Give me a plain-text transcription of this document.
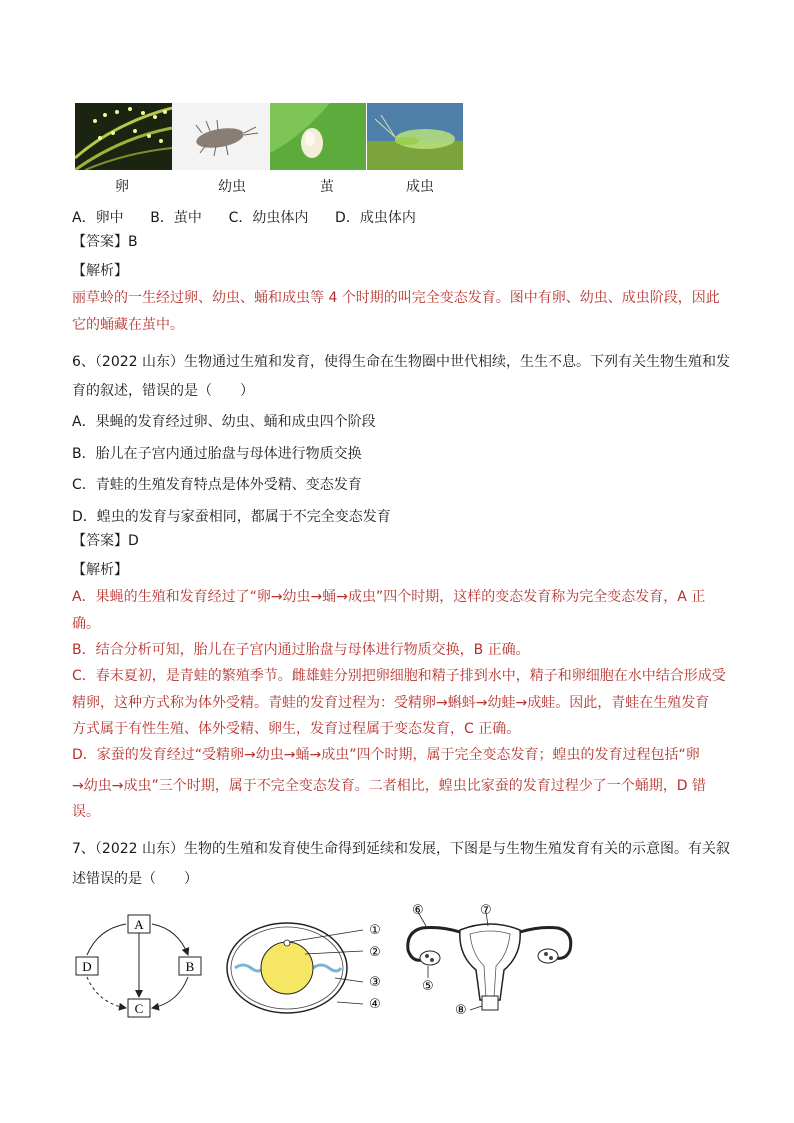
卵	幼虫	茧	成虫
A．卵中      B．茧中      C．幼虫体内      D．成虫体内
【答案】B
【解析】
丽草蛉的一生经过卵、幼虫、蛹和成虫等 4 个时期的叫完全变态发育。图中有卵、幼虫、成虫阶段，因此
它的蛹藏在茧中。
6、（2022 山东）生物通过生殖和发育，使得生命在生物圈中世代相续，生生不息。下列有关生物生殖和发
育的叙述，错误的是（　　）
A．果蝇的发育经过卵、幼虫、蛹和成虫四个阶段
B．胎儿在子宫内通过胎盘与母体进行物质交换
C．青蛙的生殖发育特点是体外受精、变态发育
D．蝗虫的发育与家蚕相同，都属于不完全变态发育
【答案】D
【解析】
A．果蝇的生殖和发育经过了“卵→幼虫→蛹→成虫”四个时期，这样的变态发育称为完全变态发育，A 正
确。
B．结合分析可知，胎儿在子宫内通过胎盘与母体进行物质交换，B 正确。
C．春末夏初，是青蛙的繁殖季节。雌雄蛙分别把卵细胞和精子排到水中，精子和卵细胞在水中结合形成受
精卵，这种方式称为体外受精。青蛙的发育过程为：受精卵→蝌蚪→幼蛙→成蛙。因此，青蛙在生殖发育
方式属于有性生殖、体外受精、卵生，发育过程属于变态发育，C 正确。
D．家蚕的发育经过“受精卵→幼虫→蛹→成虫”四个时期，属于完全变态发育；蝗虫的发育过程包括“卵
→幼虫→成虫”三个时期，属于不完全变态发育。二者相比，蝗虫比家蚕的发育过程少了一个蛹期，D 错
误。
7、（2022 山东）生物的生殖和发育使生命得到延续和发展，下图是与生物生殖发育有关的示意图。有关叙
述错误的是（　　）
A
B
C
D
①
②
③
④
⑥	⑦
⑤
⑧
